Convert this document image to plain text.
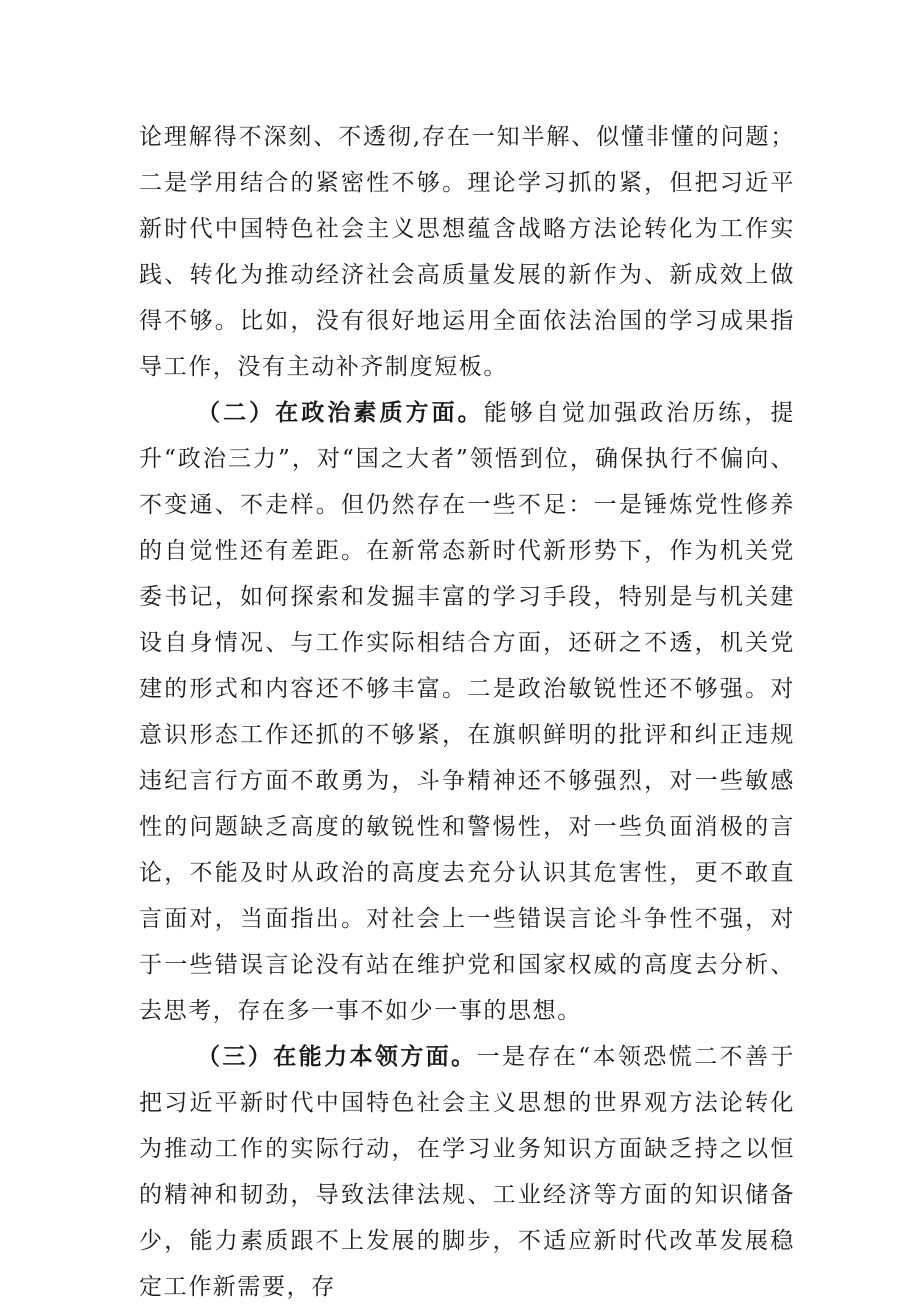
论理解得不深刻、不透彻,存在一知半解、似懂非懂的问题；二是学用结合的紧密性不够。理论学习抓的紧，但把习近平新时代中国特色社会主义思想蕴含战略方法论转化为工作实践、转化为推动经济社会高质量发展的新作为、新成效上做得不够。比如，没有很好地运用全面依法治国的学习成果指导工作，没有主动补齐制度短板。

（二）在政治素质方面。能够自觉加强政治历练，提升“政治三力”，对“国之大者”领悟到位，确保执行不偏向、不变通、不走样。但仍然存在一些不足：一是锤炼党性修养的自觉性还有差距。在新常态新时代新形势下，作为机关党委书记，如何探索和发掘丰富的学习手段，特别是与机关建设自身情况、与工作实际相结合方面，还研之不透，机关党建的形式和内容还不够丰富。二是政治敏锐性还不够强。对意识形态工作还抓的不够紧，在旗帜鲜明的批评和纠正违规违纪言行方面不敢勇为，斗争精神还不够强烈，对一些敏感性的问题缺乏高度的敏锐性和警惕性，对一些负面消极的言论，不能及时从政治的高度去充分认识其危害性，更不敢直言面对，当面指出。对社会上一些错误言论斗争性不强，对于一些错误言论没有站在维护党和国家权威的高度去分析、去思考，存在多一事不如少一事的思想。

（三）在能力本领方面。一是存在“本领恐慌二不善于把习近平新时代中国特色社会主义思想的世界观方法论转化为推动工作的实际行动，在学习业务知识方面缺乏持之以恒的精神和韧劲，导致法律法规、工业经济等方面的知识储备少，能力素质跟不上发展的脚步，不适应新时代改革发展稳定工作新需要，存
